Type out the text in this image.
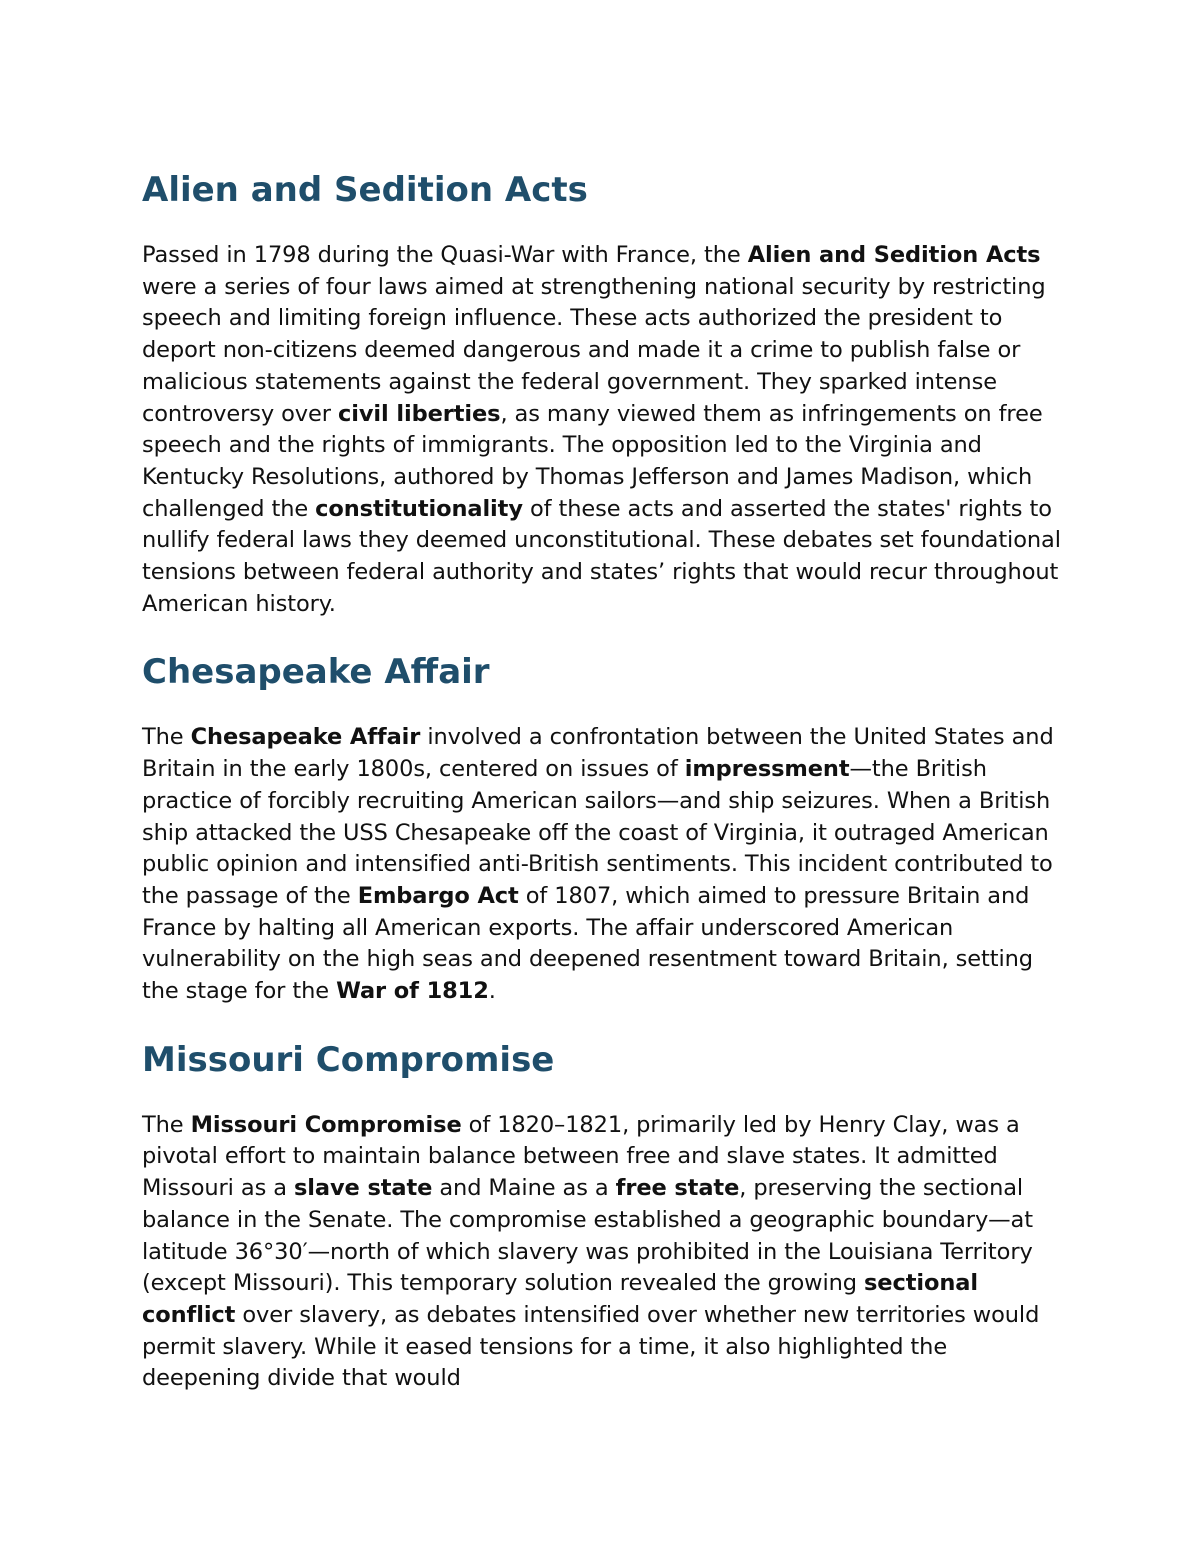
Alien and Sedition Acts

Passed in 1798 during the Quasi-War with France, the Alien and Sedition Acts were a series of four laws aimed at strengthening national security by restricting speech and limiting foreign influence. These acts authorized the president to deport non-citizens deemed dangerous and made it a crime to publish false or malicious statements against the federal government. They sparked intense controversy over civil liberties, as many viewed them as infringements on free speech and the rights of immigrants. The opposition led to the Virginia and Kentucky Resolutions, authored by Thomas Jefferson and James Madison, which challenged the constitutionality of these acts and asserted the states' rights to nullify federal laws they deemed unconstitutional. These debates set foundational tensions between federal authority and states’ rights that would recur throughout American history.

Chesapeake Affair

The Chesapeake Affair involved a confrontation between the United States and Britain in the early 1800s, centered on issues of impressment—the British practice of forcibly recruiting American sailors—and ship seizures. When a British ship attacked the USS Chesapeake off the coast of Virginia, it outraged American public opinion and intensified anti-British sentiments. This incident contributed to the passage of the Embargo Act of 1807, which aimed to pressure Britain and France by halting all American exports. The affair underscored American vulnerability on the high seas and deepened resentment toward Britain, setting the stage for the War of 1812.

Missouri Compromise

The Missouri Compromise of 1820–1821, primarily led by Henry Clay, was a pivotal effort to maintain balance between free and slave states. It admitted Missouri as a slave state and Maine as a free state, preserving the sectional balance in the Senate. The compromise established a geographic boundary—at latitude 36°30′—north of which slavery was prohibited in the Louisiana Territory (except Missouri). This temporary solution revealed the growing sectional conflict over slavery, as debates intensified over whether new territories would permit slavery. While it eased tensions for a time, it also highlighted the deepening divide that would
